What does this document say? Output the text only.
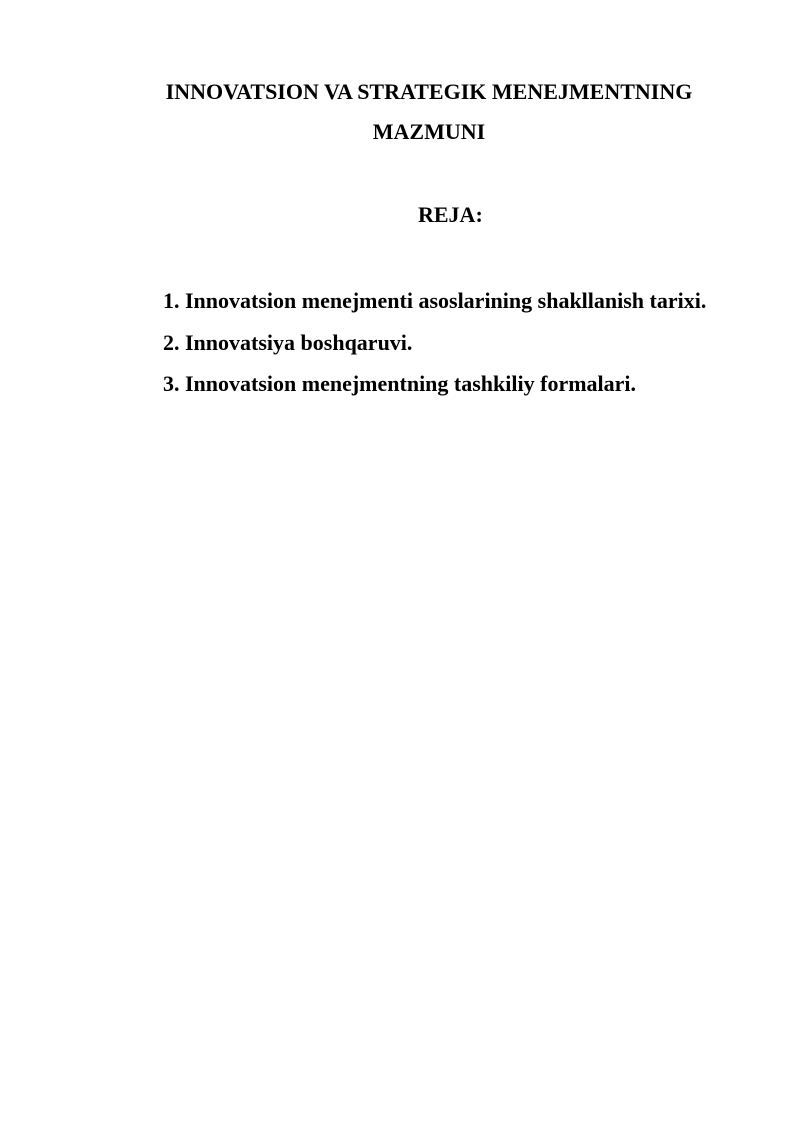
INNOVATSION VA STRATEGIK MENEJMENTNING
MAZMUNI
REJA:
1. Innovatsion menejmenti asoslarining shakllanish tarixi.
2. Innovatsiya boshqaruvi.
3. Innovatsion menejmentning tashkiliy formalari.
